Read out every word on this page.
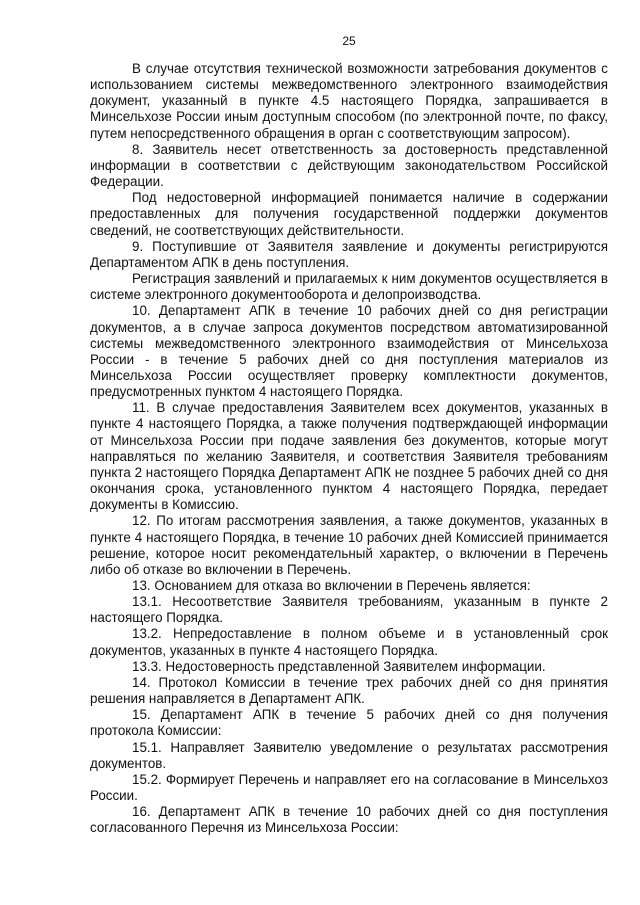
25

В случае отсутствия технической возможности затребования документов с использованием системы межведомственного электронного взаимодействия документ, указанный в пункте 4.5 настоящего Порядка, запрашивается в Минсельхозе России иным доступным способом (по электронной почте, по факсу, путем непосредственного обращения в орган с соответствующим запросом).

8. Заявитель несет ответственность за достоверность представленной информации в соответствии с действующим законодательством Российской Федерации.

Под недостоверной информацией понимается наличие в содержании предоставленных для получения государственной поддержки документов сведений, не соответствующих действительности.

9. Поступившие от Заявителя заявление и документы регистрируются Департаментом АПК в день поступления.

Регистрация заявлений и прилагаемых к ним документов осуществляется в системе электронного документооборота и делопроизводства.

10. Департамент АПК в течение 10 рабочих дней со дня регистрации документов, а в случае запроса документов посредством автоматизированной системы межведомственного электронного взаимодействия от Минсельхоза России - в течение 5 рабочих дней со дня поступления материалов из Минсельхоза России осуществляет проверку комплектности документов, предусмотренных пунктом 4 настоящего Порядка.

11. В случае предоставления Заявителем всех документов, указанных в пункте 4 настоящего Порядка, а также получения подтверждающей информации от Минсельхоза России при подаче заявления без документов, которые могут направляться по желанию Заявителя, и соответствия Заявителя требованиям пункта 2 настоящего Порядка Департамент АПК не позднее 5 рабочих дней со дня окончания срока, установленного пунктом 4 настоящего Порядка, передает документы в Комиссию.

12. По итогам рассмотрения заявления, а также документов, указанных в пункте 4 настоящего Порядка, в течение 10 рабочих дней Комиссией принимается решение, которое носит рекомендательный характер, о включении в Перечень либо об отказе во включении в Перечень.

13. Основанием для отказа во включении в Перечень является:

13.1. Несоответствие Заявителя требованиям, указанным в пункте 2 настоящего Порядка.

13.2. Непредоставление в полном объеме и в установленный срок документов, указанных в пункте 4 настоящего Порядка.

13.3. Недостоверность представленной Заявителем информации.

14. Протокол Комиссии в течение трех рабочих дней со дня принятия решения направляется в Департамент АПК.

15. Департамент АПК в течение 5 рабочих дней со дня получения протокола Комиссии:

15.1. Направляет Заявителю уведомление о результатах рассмотрения документов.

15.2. Формирует Перечень и направляет его на согласование в Минсельхоз России.

16. Департамент АПК в течение 10 рабочих дней со дня поступления согласованного Перечня из Минсельхоза России:
